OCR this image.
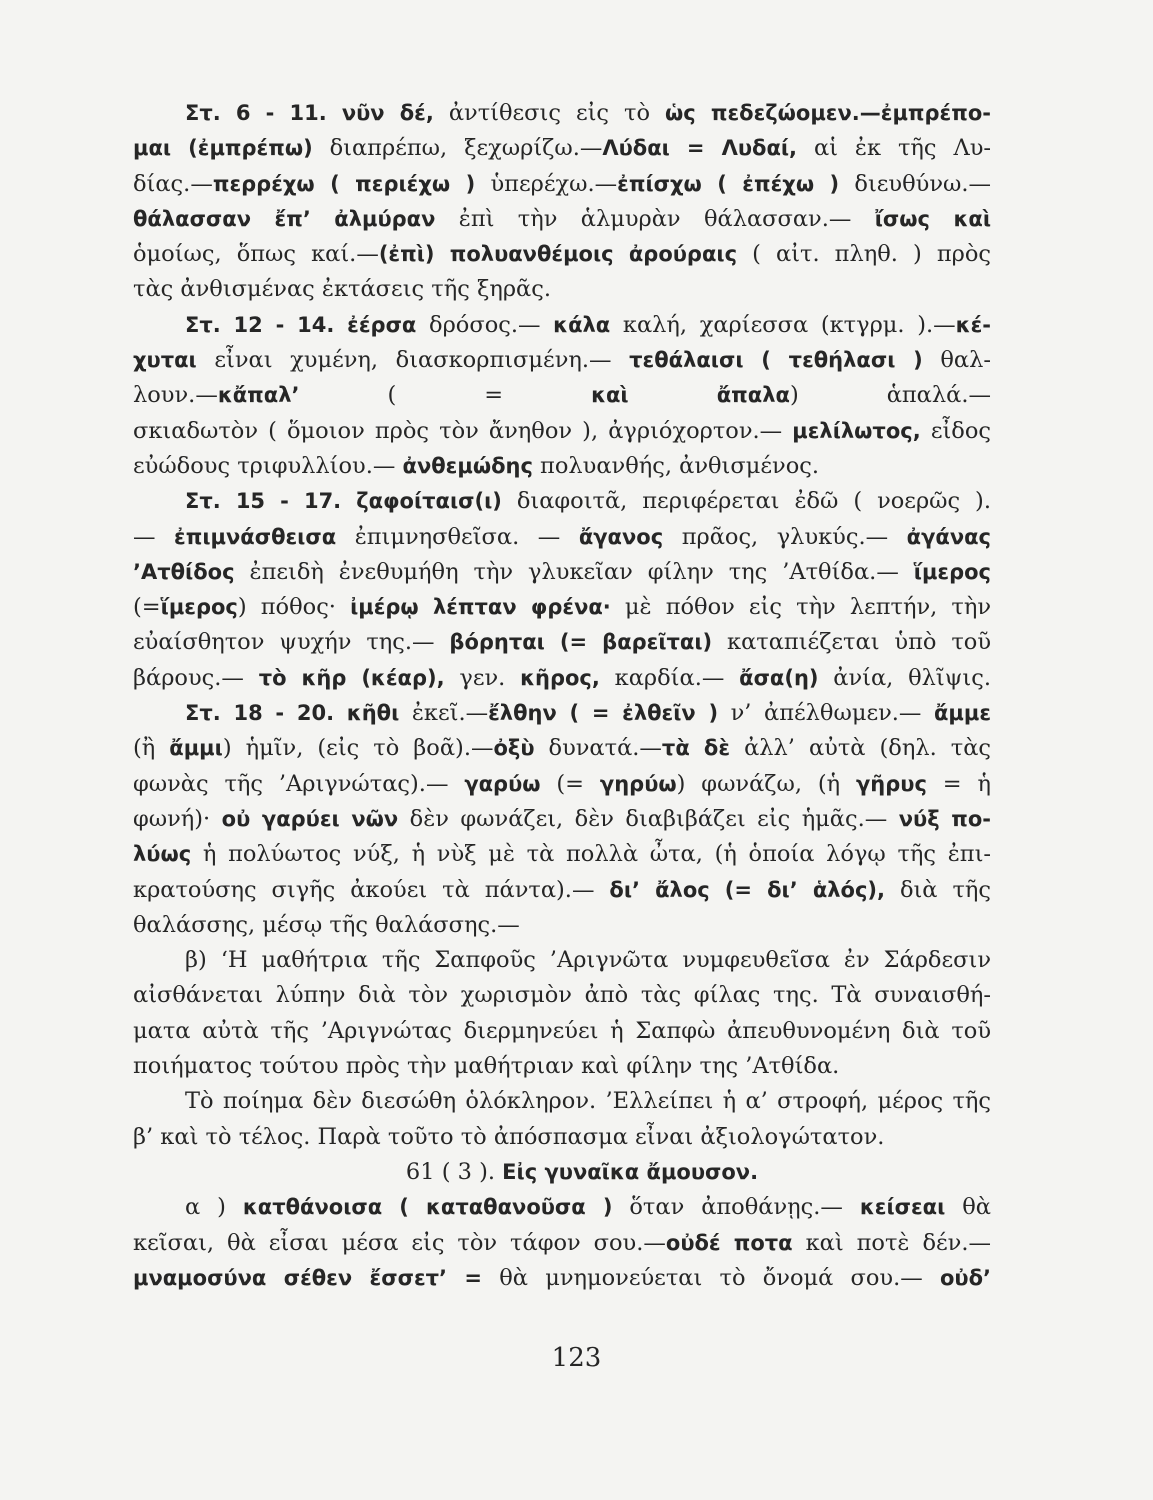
Στ. 6 - 11. νῦν δέ, ἀντίθεσις εἰς τὸ ὡς πεδεζώομεν.—ἐμπρέπο-
μαι (ἐμπρέπω) διαπρέπω, ξεχωρίζω.—Λύδαι = Λυδαί, αἱ ἐκ τῆς Λυ-
δίας.—περρέχω ( περιέχω ) ὑπερέχω.—ἐπίσχω ( ἐπέχω ) διευθύνω.—
θάλασσαν ἔπ’ ἀλμύραν ἐπὶ τὴν ἁλμυρὰν θάλασσαν.— ἴσως καὶ
ὁμοίως, ὅπως καί.—(ἐπὶ) πολυανθέμοις ἀρούραις ( αἰτ. πληθ. ) πρὸς
τὰς ἀνθισμένας ἐκτάσεις τῆς ξηρᾶς.
Στ. 12 - 14. ἐέρσα δρόσος.— κάλα καλή, χαρίεσσα (κτγρμ. ).—κέ-
χυται εἶναι χυμένη, διασκορπισμένη.— τεθάλαισι ( τεθήλασι ) θαλ-
λουν.—κἄπαλ’ ( = καὶ ἄπαλα) ἁπαλά.—
σκιαδωτὸν ( ὅμοιον πρὸς τὸν ἄνηθον ), ἀγριόχορτον.— μελίλωτος, εἶδος
εὐώδους τριφυλλίου.— ἀνθεμώδης πολυανθής, ἀνθισμένος.
Στ. 15 - 17. ζαφοίταισ(ι) διαφοιτᾶ, περιφέρεται ἐδῶ ( νοερῶς ).
— ἐπιμνάσθεισα ἐπιμνησθεῖσα. — ἄγανος πρᾶος, γλυκύς.— ἀγάνας
’Ατθίδος ἐπειδὴ ἐνεθυμήθη τὴν γλυκεῖαν φίλην της ’Ατθίδα.— ἵμερος
(=ἵμερος) πόθος· ἰμέρῳ λέπταν φρένα· μὲ πόθον εἰς τὴν λεπτήν, τὴν
εὐαίσθητον ψυχήν της.— βόρηται (= βαρεῖται) καταπιέζεται ὑπὸ τοῦ
βάρους.— τὸ κῆρ (κέαρ), γεν. κῆρος, καρδία.— ἄσα(η) ἀνία, θλῖψις.
Στ. 18 - 20. κῆθι ἐκεῖ.—ἔλθην ( = ἐλθεῖν ) ν’ ἀπέλθωμεν.— ἄμμε
(ἢ ἄμμι) ἡμῖν, (εἰς τὸ βοᾶ).—ὀξὺ δυνατά.—τὰ δὲ ἀλλ’ αὐτὰ (δηλ. τὰς
φωνὰς τῆς ’Αριγνώτας).— γαρύω (= γηρύω) φωνάζω, (ἡ γῆρυς = ἡ
φωνή)· οὐ γαρύει νῶν δὲν φωνάζει, δὲν διαβιβάζει εἰς ἡμᾶς.— νύξ πο-
λύως ἡ πολύωτος νύξ, ἡ νὺξ μὲ τὰ πολλὰ ὦτα, (ἡ ὁποία λόγῳ τῆς ἐπι-
κρατούσης σιγῆς ἀκούει τὰ πάντα).— δι’ ἄλος (= δι’ ἁλός), διὰ τῆς
θαλάσσης, μέσῳ τῆς θαλάσσης.—
β) ‘Η μαθήτρια τῆς Σαπφοῦς ’Αριγνῶτα νυμφευθεῖσα ἐν Σάρδεσιν
αἰσθάνεται λύπην διὰ τὸν χωρισμὸν ἀπὸ τὰς φίλας της. Τὰ συναισθή-
ματα αὐτὰ τῆς ’Αριγνώτας διερμηνεύει ἡ Σαπφὼ ἀπευθυνομένη διὰ τοῦ
ποιήματος τούτου πρὸς τὴν μαθήτριαν καὶ φίλην της ’Ατθίδα.
Τὸ ποίημα δὲν διεσώθη ὁλόκληρον. ’Ελλείπει ἡ α’ στροφή, μέρος τῆς
β’ καὶ τὸ τέλος. Παρὰ τοῦτο τὸ ἀπόσπασμα εἶναι ἀξιολογώτατον.
61 ( 3 ). Εἰς γυναῖκα ἄμουσον.
α ) κατθάνοισα ( καταθανοῦσα ) ὅταν ἀποθάνῃς.— κείσεαι θὰ
κεῖσαι, θὰ εἶσαι μέσα εἰς τὸν τάφον σου.—οὐδέ ποτα καὶ ποτὲ δέν.—
μναμοσύνα σέθεν ἔσσετ’ = θὰ μνημονεύεται τὸ ὄνομά σου.— οὐδ’
123
